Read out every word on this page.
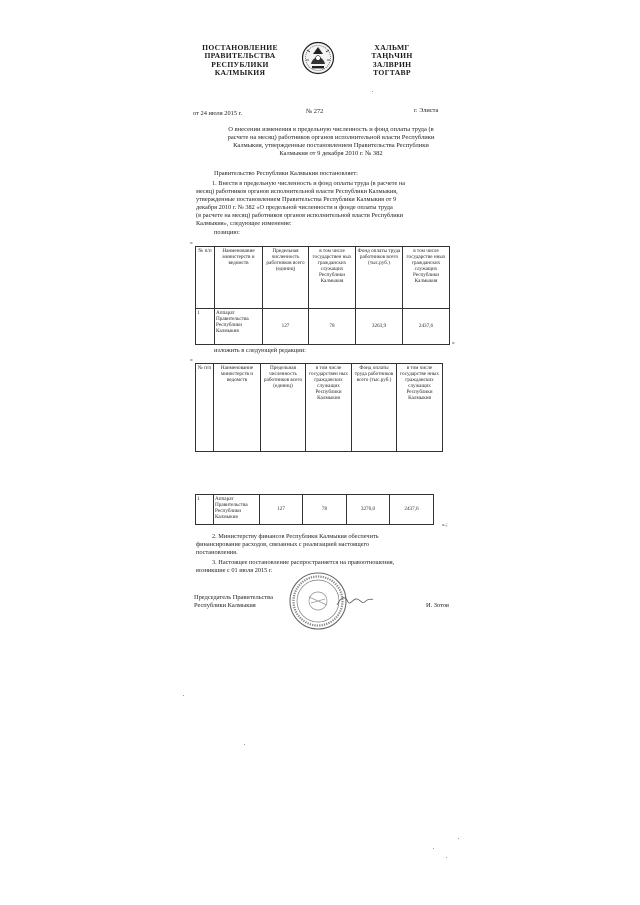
ПОСТАНОВЛЕНИЕ
ПРАВИТЕЛЬСТВА
РЕСПУБЛИКИ
КАЛМЫКИЯ
ХАЛЬМГ
ТАҢҺЧИН
ЗАЛВРИН
ТОГТАВР
от 24 июля 2015 г.	№ 272	г. Элиста
О внесении изменения в предельную численность и фонд оплаты труда (в
расчете на месяц) работников органов исполнительной власти Республики
Калмыкия, утвержденные постановлением Правительства Республики
Калмыкия от 9 декабря 2010 г. № 382
Правительство Республики Калмыкия постановляет:
1. Внести в предельную численность и фонд оплаты труда (в расчете на
месяц) работников органов исполнительной власти Республики Калмыкия,
утвержденные постановлением Правительства Республики Калмыкия от 9
декабря 2010 г. № 382 «О предельной численности и фонде оплаты труда
(в расчете на месяц) работников органов исполнительной власти Республики
Калмыкия», следующее изменение:
позицию:
«
№ п/п	Наименование министерств и ведомств	Предельная численность работников всего (единиц)	в том числе государствен ных гражданских служащих Республики Калмыкия	Фонд оплаты труда работников всего (тыс.руб.)	в том числе государстве нных гражданских служащих Республики Калмыкия
1	Аппарат Правительства Республики Калмыкия	127	78	3263,9	2437,6
»
изложить в следующей редакции:
«
№ п/п	Наименование министерств и ведомств	Предельная численность работников всего (единиц)	в том числе государствен ных гражданских служащих Республики Калмыкия	Фонд оплаты труда работников всего (тыс.руб.)	в том числе государстве нных гражданских служащих Республики Калмыкия
1	Аппарат Правительства Республики Калмыкия	127	78	3276,0	2437,6
».;
2. Министерству финансов Республики Калмыкия обеспечить
финансирование расходов, связанных с реализацией настоящего
постановления.
3. Настоящее постановление распространяется на правоотношения,
возникшие с 01 июля 2015 г.
Председатель Правительства
Республики Калмыкия	И. Зотов
